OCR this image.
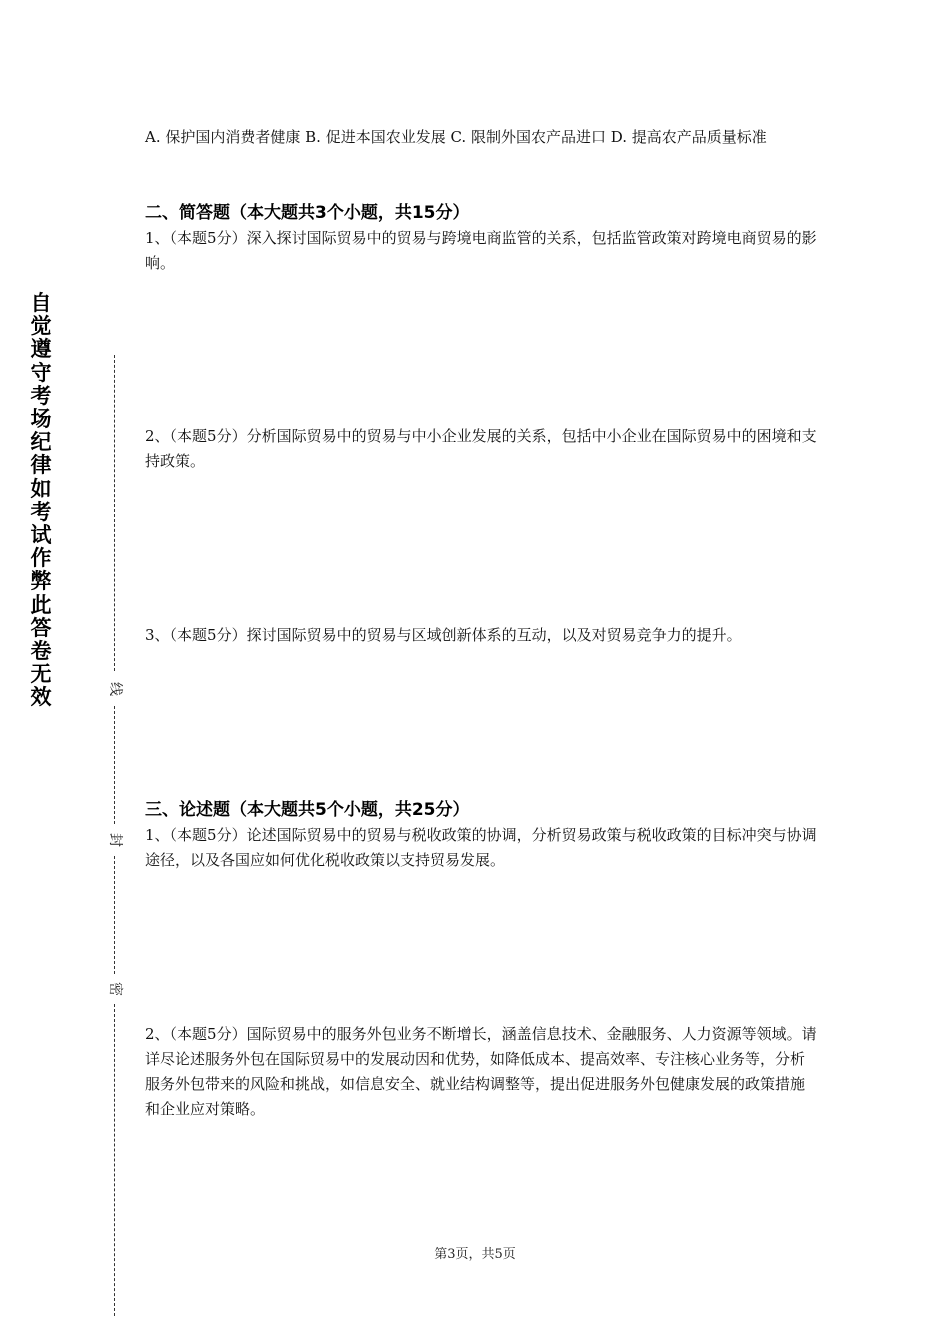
自
觉
遵
守
考
场
纪
律
如
考
试
作
弊
此
答
卷
无
效	线
封
密
A. 保护国内消费者健康 B. 促进本国农业发展 C. 限制外国农产品进口 D. 提高农产品质量标准
二、简答题（本大题共3个小题，共15分）
1、（本题5分）深入探讨国际贸易中的贸易与跨境电商监管的关系，包括监管政策对跨境电商贸易的影响。
2、（本题5分）分析国际贸易中的贸易与中小企业发展的关系，包括中小企业在国际贸易中的困境和支持政策。
3、（本题5分）探讨国际贸易中的贸易与区域创新体系的互动，以及对贸易竞争力的提升。
三、论述题（本大题共5个小题，共25分）
1、（本题5分）论述国际贸易中的贸易与税收政策的协调，分析贸易政策与税收政策的目标冲突与协调途径，以及各国应如何优化税收政策以支持贸易发展。
2、（本题5分）国际贸易中的服务外包业务不断增长，涵盖信息技术、金融服务、人力资源等领域。请详尽论述服务外包在国际贸易中的发展动因和优势，如降低成本、提高效率、专注核心业务等，分析服务外包带来的风险和挑战，如信息安全、就业结构调整等，提出促进服务外包健康发展的政策措施和企业应对策略。
第3页，共5页
